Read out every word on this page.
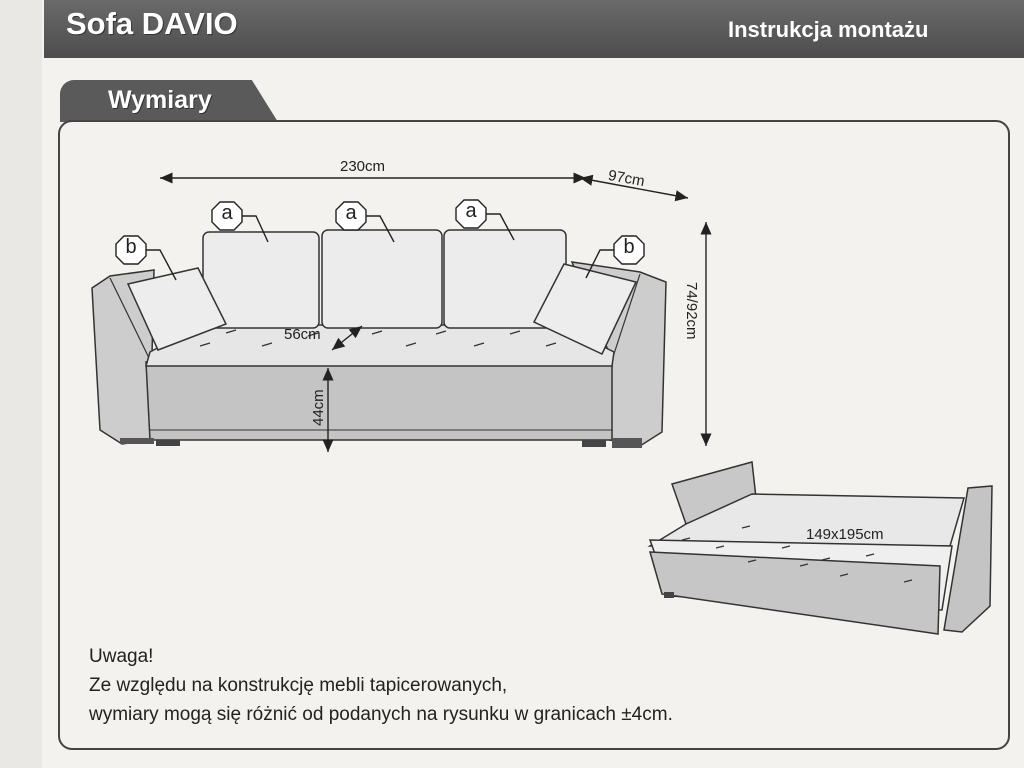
Sofa DAVIO	Instrukcja montażu
Wymiary
230cm
97cm
74/92cm
44cm
56cm
149x195cm
a	a	a
b	b
Uwaga!
Ze względu na konstrukcję mebli tapicerowanych,
wymiary mogą się różnić od podanych na rysunku w granicach ±4cm.
